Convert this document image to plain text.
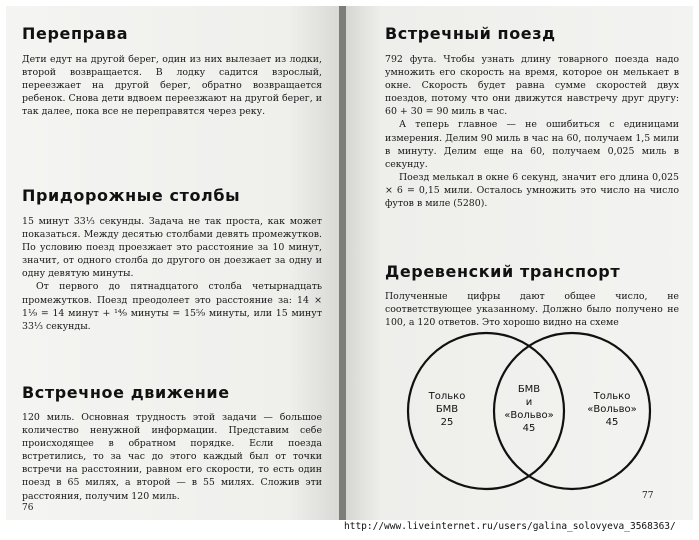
Переправа

Дети едут на другой берег, один из них вылезает из лодки, второй возвращается. В лодку садится взрослый, переезжает на другой берег, обратно возвращается ребенок. Снова дети вдвоем переезжают на другой берег, и так далее, пока все не переправятся через реку.

Придорожные столбы

15 минут 33⅓ секунды. Задача не так проста, как может показаться. Между десятью столбами девять промежутков. По условию поезд проезжает это расстояние за 10 минут, значит, от одного столба до другого он доезжает за одну и одну девятую минуты.

От первого до пятнадцатого столба четырнадцать промежутков. Поезд преодолеет это расстояние за: 14 × 1¹⁄₉ = 14 минут + ¹⁴⁄₉ минуты = 15⁵⁄₉ минуты, или 15 минут 33⅓ секунды.

Встречное движение

120 миль. Основная трудность этой задачи — большое количество ненужной информации. Представим себе происходящее в обратном порядке. Если поезда встретились, то за час до этого каждый был от точки встречи на расстоянии, равном его скорости, то есть один поезд в 65 милях, а второй — в 55 милях. Сложив эти расстояния, получим 120 миль.

76
Встречный поезд

792 фута. Чтобы узнать длину товарного поезда надо умножить его скорость на время, которое он мелькает в окне. Скорость будет равна сумме скоростей двух поездов, потому что они движутся навстречу друг другу: 60 + 30 = 90 миль в час.

А теперь главное — не ошибиться с единицами измерения. Делим 90 миль в час на 60, получаем 1,5 мили в минуту. Делим еще на 60, получаем 0,025 миль в секунду.

Поезд мелькал в окне 6 секунд, значит его длина 0,025 × 6 = 0,15 мили. Осталось умножить это число на число футов в миле (5280).

Деревенский транспорт

Полученные цифры дают общее число, не соответствующее указанному. Должно было получено не 100, а 120 ответов. Это хорошо видно на схеме

Только
БМВ
25
БМВ
и
«Вольво»
45
Только
«Вольво»
45
77
http://www.liveinternet.ru/users/galina_solovyeva_3568363/
